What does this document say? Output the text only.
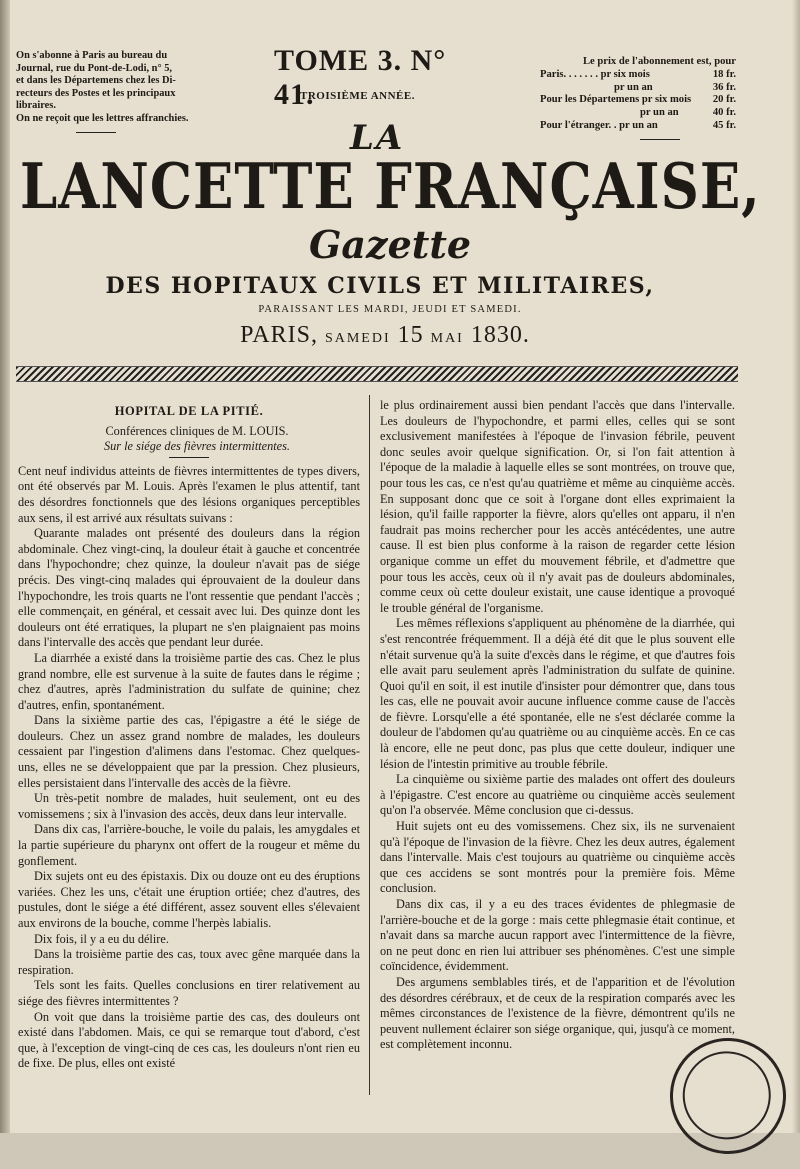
On s'abonne à Paris au bureau du
Journal, rue du Pont-de-Lodi, n° 5,
et dans les Départemens chez les Di-
recteurs des Postes et les principaux
libraires.
On ne reçoit que les lettres affranchies.
TOME 3. N° 41.
TROISIÈME ANNÉE.
Le prix de l'abonnement est, pour
Paris. . . . . . . pr six mois	18 fr.
pr un an	36 fr.
Pour les Départemens pr six mois 20 fr.
pr un an	40 fr.
Pour l'étranger. . pr un an	45 fr.
LA
LANCETTE FRANÇAISE,
Gazette
DES HOPITAUX CIVILS ET MILITAIRES,
PARAISSANT LES MARDI, JEUDI ET SAMEDI.
PARIS, SAMEDI 15 MAI 1830.
HOPITAL DE LA PITIÉ.

Conférences cliniques de M. LOUIS.

Sur le siége des fièvres intermittentes.

Cent neuf individus atteints de fièvres intermittentes de types divers, ont été observés par M. Louis. Après l'examen le plus attentif, tant des désordres fonctionnels que des lésions organiques perceptibles aux sens, il est arrivé aux résultats suivans :

Quarante malades ont présenté des douleurs dans la région abdominale. Chez vingt-cinq, la douleur était à gauche et concentrée dans l'hypochondre; chez quinze, la douleur n'avait pas de siége précis. Des vingt-cinq malades qui éprouvaient de la douleur dans l'hypochondre, les trois quarts ne l'ont ressentie que pendant l'accès ; elle commençait, en général, et cessait avec lui. Des quinze dont les douleurs ont été erratiques, la plupart ne s'en plaignaient pas moins dans l'intervalle des accès que pendant leur durée.

La diarrhée a existé dans la troisième partie des cas. Chez le plus grand nombre, elle est survenue à la suite de fautes dans le régime ; chez d'autres, après l'administration du sulfate de quinine; chez d'autres, enfin, spontanément.

Dans la sixième partie des cas, l'épigastre a été le siége de douleurs. Chez un assez grand nombre de malades, les douleurs cessaient par l'ingestion d'alimens dans l'estomac. Chez quelques-uns, elles ne se développaient que par la pression. Chez plusieurs, elles persistaient dans l'intervalle des accès de la fièvre.

Un très-petit nombre de malades, huit seulement, ont eu des vomissemens ; six à l'invasion des accès, deux dans leur intervalle.

Dans dix cas, l'arrière-bouche, le voile du palais, les amygdales et la partie supérieure du pharynx ont offert de la rougeur et même du gonflement.

Dix sujets ont eu des épistaxis. Dix ou douze ont eu des éruptions variées. Chez les uns, c'était une éruption ortiée; chez d'autres, des pustules, dont le siége a été différent, assez souvent elles s'élevaient aux environs de la bouche, comme l'herpès labialis.

Dix fois, il y a eu du délire.

Dans la troisième partie des cas, toux avec gêne marquée dans la respiration.

Tels sont les faits. Quelles conclusions en tirer relativement au siége des fièvres intermittentes ?

On voit que dans la troisième partie des cas, des douleurs ont existé dans l'abdomen. Mais, ce qui se remarque tout d'abord, c'est que, à l'exception de vingt-cinq de ces cas, les douleurs n'ont rien eu de fixe. De plus, elles ont existé

le plus ordinairement aussi bien pendant l'accès que dans l'intervalle. Les douleurs de l'hypochondre, et parmi elles, celles qui se sont exclusivement manifestées à l'époque de l'invasion fébrile, peuvent donc seules avoir quelque signification. Or, si l'on fait attention à l'époque de la maladie à laquelle elles se sont montrées, on trouve que, pour tous les cas, ce n'est qu'au quatrième et même au cinquième accès. En supposant donc que ce soit à l'organe dont elles exprimaient la lésion, qu'il faille rapporter la fièvre, alors qu'elles ont apparu, il n'en faudrait pas moins rechercher pour les accès antécédentes, une autre cause. Il est bien plus conforme à la raison de regarder cette lésion organique comme un effet du mouvement fébrile, et d'admettre que pour tous les accès, ceux où il n'y avait pas de douleurs abdominales, comme ceux où cette douleur existait, une cause identique a provoqué le trouble général de l'organisme.

Les mêmes réflexions s'appliquent au phénomène de la diarrhée, qui s'est rencontrée fréquemment. Il a déjà été dit que le plus souvent elle n'était survenue qu'à la suite d'excès dans le régime, et que d'autres fois elle avait paru seulement après l'administration du sulfate de quinine. Quoi qu'il en soit, il est inutile d'insister pour démontrer que, dans tous les cas, elle ne pouvait avoir aucune influence comme cause de l'accès de fièvre. Lorsqu'elle a été spontanée, elle ne s'est déclarée comme la douleur de l'abdomen qu'au quatrième ou au cinquième accès. En ce cas là encore, elle ne peut donc, pas plus que cette douleur, indiquer une lésion de l'intestin primitive au trouble fébrile.

La cinquième ou sixième partie des malades ont offert des douleurs à l'épigastre. C'est encore au quatrième ou cinquième accès seulement qu'on l'a observée. Même conclusion que ci-dessus.

Huit sujets ont eu des vomissemens. Chez six, ils ne survenaient qu'à l'époque de l'invasion de la fièvre. Chez les deux autres, également dans l'intervalle. Mais c'est toujours au quatrième ou cinquième accès que ces accidens se sont montrés pour la première fois. Même conclusion.

Dans dix cas, il y a eu des traces évidentes de phlegmasie de l'arrière-bouche et de la gorge : mais cette phlegmasie était continue, et n'avait dans sa marche aucun rapport avec l'intermittence de la fièvre, on ne peut donc en rien lui attribuer ses phénomènes. C'est une simple coïncidence, évidemment.

Des argumens semblables tirés, et de l'apparition et de l'évolution des désordres cérébraux, et de ceux de la respiration comparés avec les mêmes circonstances de l'existence de la fièvre, démontrent qu'ils ne peuvent nullement éclairer son siége organique, qui, jusqu'à ce moment, est complètement inconnu.
